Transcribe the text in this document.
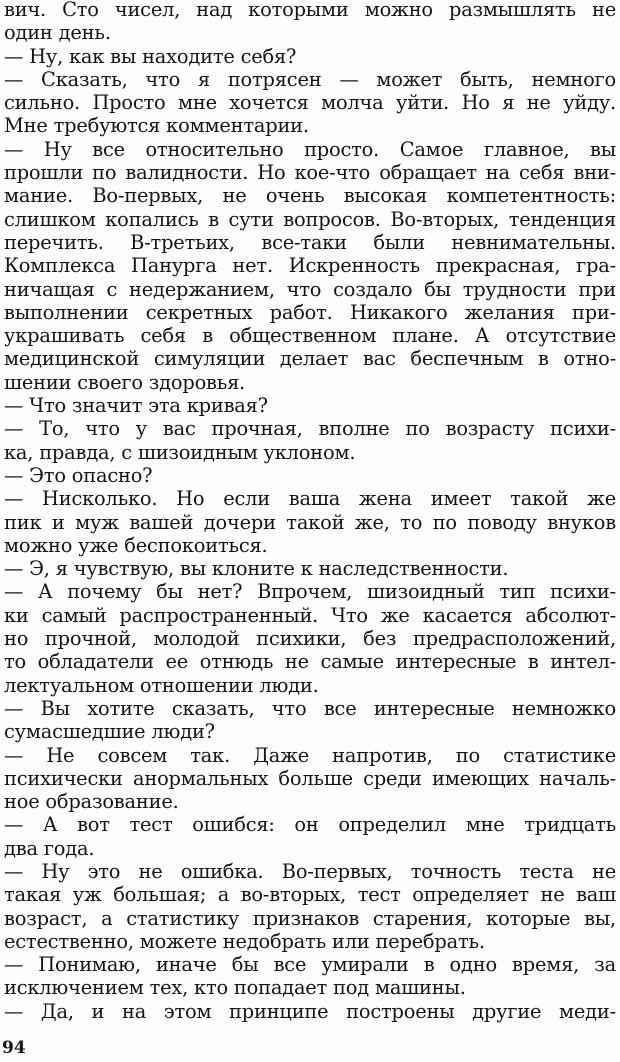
вич. Сто чисел, над которыми можно размышлять не
один день.
— Ну, как вы находите себя?
— Сказать, что я потрясен — может быть, немного
сильно. Просто мне хочется молча уйти. Но я не уйду.
Мне требуются комментарии.
— Ну все относительно просто. Самое главное, вы
прошли по валидности. Но кое-что обращает на себя вни-
мание. Во-первых, не очень высокая компетентность:
слишком копались в сути вопросов. Во-вторых, тенденция
перечить. В-третьих, все-таки были невнимательны.
Комплекса Панурга нет. Искренность прекрасная, гра-
ничащая с недержанием, что создало бы трудности при
выполнении секретных работ. Никакого желания при-
украшивать себя в общественном плане. А отсутствие
медицинской симуляции делает вас беспечным в отно-
шении своего здоровья.
— Что значит эта кривая?
— То, что у вас прочная, вполне по возрасту психи-
ка, правда, с шизоидным уклоном.
— Это опасно?
— Нисколько. Но если ваша жена имеет такой же
пик и муж вашей дочери такой же, то по поводу внуков
можно уже беспокоиться.
— Э, я чувствую, вы клоните к наследственности.
— А почему бы нет? Впрочем, шизоидный тип психи-
ки самый распространенный. Что же касается абсолют-
но прочной, молодой психики, без предрасположений,
то обладатели ее отнюдь не самые интересные в интел-
лектуальном отношении люди.
— Вы хотите сказать, что все интересные немножко
сумасшедшие люди?
— Не совсем так. Даже напротив, по статистике
психически анормальных больше среди имеющих началь-
ное образование.
— А вот тест ошибся: он определил мне тридцать
два года.
— Ну это не ошибка. Во-первых, точность теста не
такая уж большая; а во-вторых, тест определяет не ваш
возраст, а статистику признаков старения, которые вы,
естественно, можете недобрать или перебрать.
— Понимаю, иначе бы все умирали в одно время, за
исключением тех, кто попадает под машины.
— Да, и на этом принципе построены другие меди-
94
